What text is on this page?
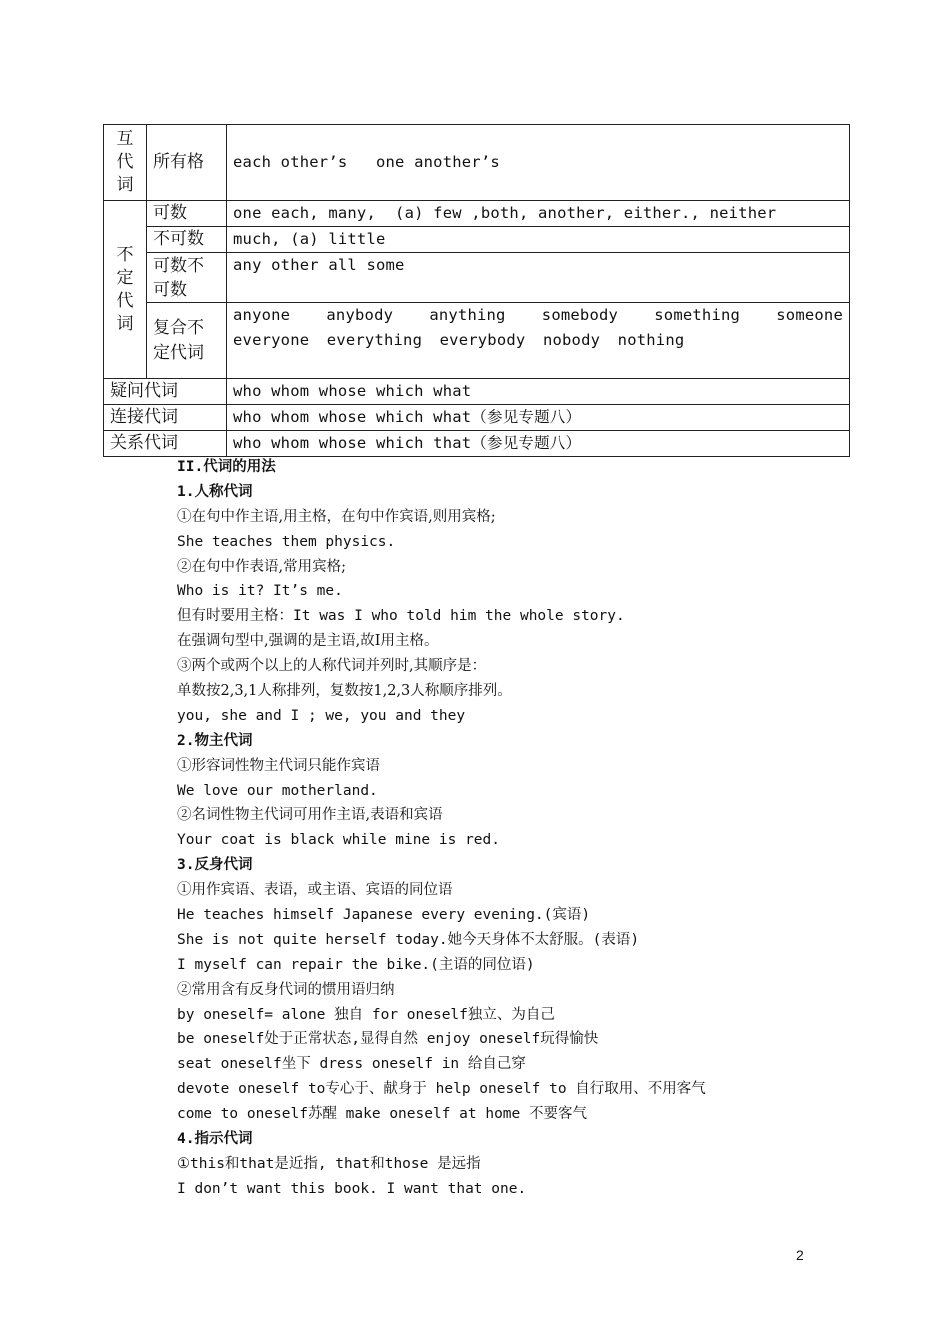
互
代
词	所有格	each other’s   one another’s

不
定
代
词	可数	one each, many,  (a) few ,both, another, either., neither
	不可数	much, (a) little
	可数不可数	any other all some
	复合不定代词	anyone anybody anything somebody something someone everyone everything everybody nobody nothing
疑问代词		who whom whose which what
连接代词		who whom whose which what（参见专题八）
关系代词		who whom whose which that（参见专题八）
II.代词的用法
1.人称代词
①在句中作主语,用主格，在句中作宾语,则用宾格;
She teaches them physics.
②在句中作表语,常用宾格;
Who is it? It’s me.
但有时要用主格：It was I who told him the whole story.
在强调句型中,强调的是主语,故I用主格。
③两个或两个以上的人称代词并列时,其顺序是：
单数按2,3,1人称排列，复数按1,2,3人称顺序排列。
you, she and I ; we, you and they
2.物主代词
①形容词性物主代词只能作宾语
We love our motherland.
②名词性物主代词可用作主语,表语和宾语
Your coat is black while mine is red.
3.反身代词
①用作宾语、表语，或主语、宾语的同位语
He teaches himself Japanese every evening.(宾语)
She is not quite herself today.她今天身体不太舒服。(表语)
I myself can repair the bike.(主语的同位语)
②常用含有反身代词的惯用语归纳
by oneself= alone 独自 for oneself独立、为自己
be oneself处于正常状态,显得自然 enjoy oneself玩得愉快
seat oneself坐下 dress oneself in 给自己穿
devote oneself to专心于、献身于 help oneself to 自行取用、不用客气
come to oneself苏醒 make oneself at home 不要客气
4.指示代词
①this和that是近指, that和those 是远指
I don’t want this book. I want that one.
2
